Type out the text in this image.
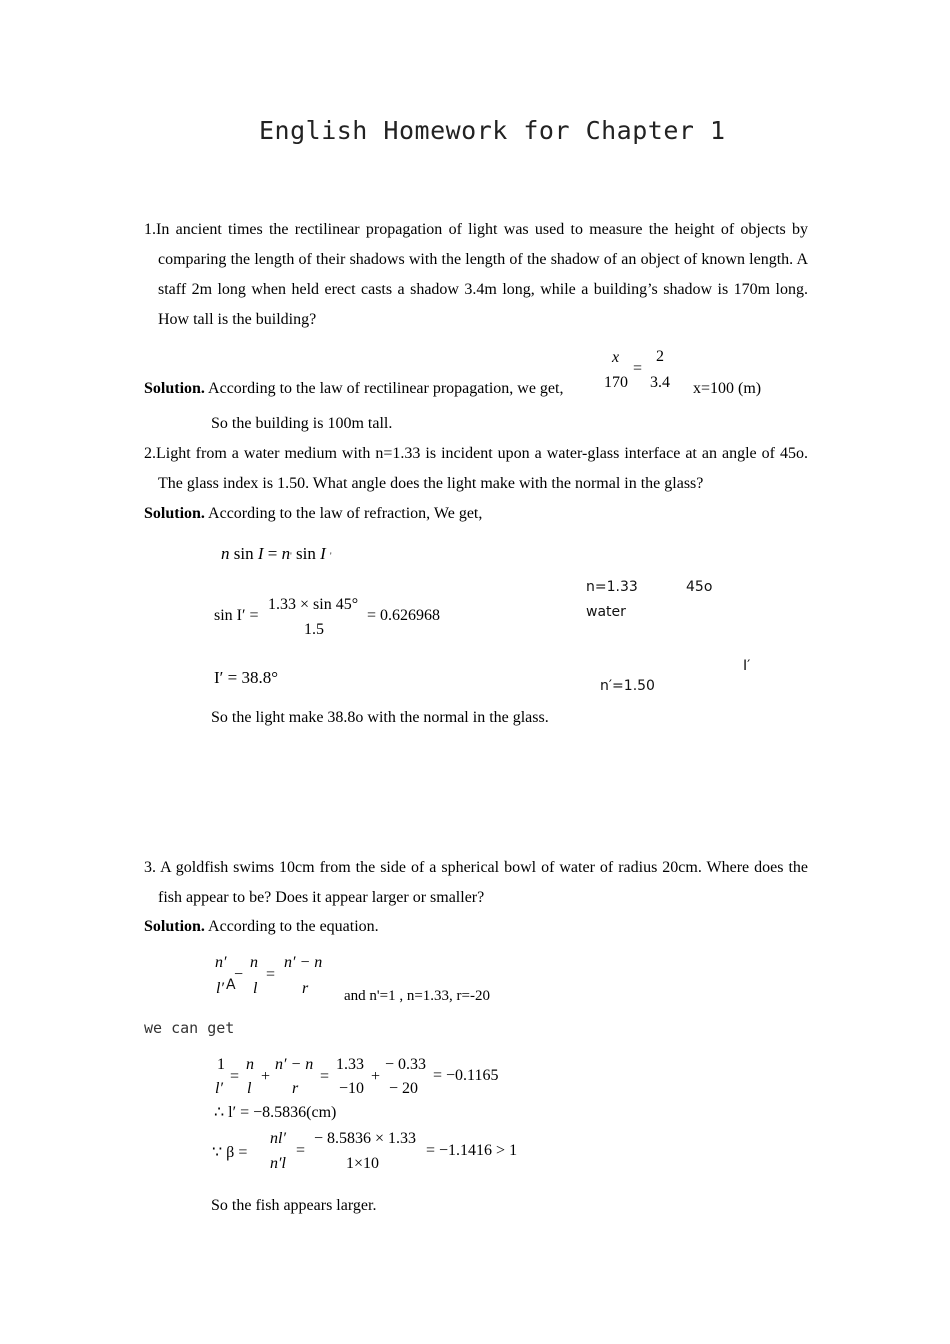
English Homework for Chapter 1
1.In ancient times the rectilinear propagation of light was used to measure the height of objects by comparing the length of their shadows with the length of the shadow of an object of known length. A staff 2m long when held erect casts a shadow 3.4m long, while a building’s shadow is 170m long. How tall is the building?
x 2
=
170 3.4
Solution. According to the law of rectilinear propagation, we get,	x=100 (m)
So the building is 100m tall.
2.Light from a water medium with n=1.33 is incident upon a water-glass interface at an angle of 45o. The glass index is 1.50. What angle does the light make with the normal in the glass?
Solution. According to the law of refraction, We get,
n sin I = n' sin I '
sin I′ =
1.33 × sin 45°
1.5
= 0.626968
I′ = 38.8°
So the light make 38.8o with the normal in the glass.
n=1.33	45o
water
I′
n′=1.50
3. A goldfish swims 10cm from the side of a spherical bowl of water of radius 20cm. Where does the fish appear to be? Does it appear larger or smaller?
Solution. According to the equation.
n′
−
n
=
n′ − n
l′ A l	r and n'=1 , n=1.33, r=-20
we can get
1 n n′ − n 1.33 − 0.33
= +	=	+	= −0.1165
l′ l	r	−10 − 20
∴ l′ = −8.5836(cm)
∵ β =
nl′
n′l
=
− 8.5836 × 1.33
1×10
= −1.1416 > 1
So the fish appears larger.
